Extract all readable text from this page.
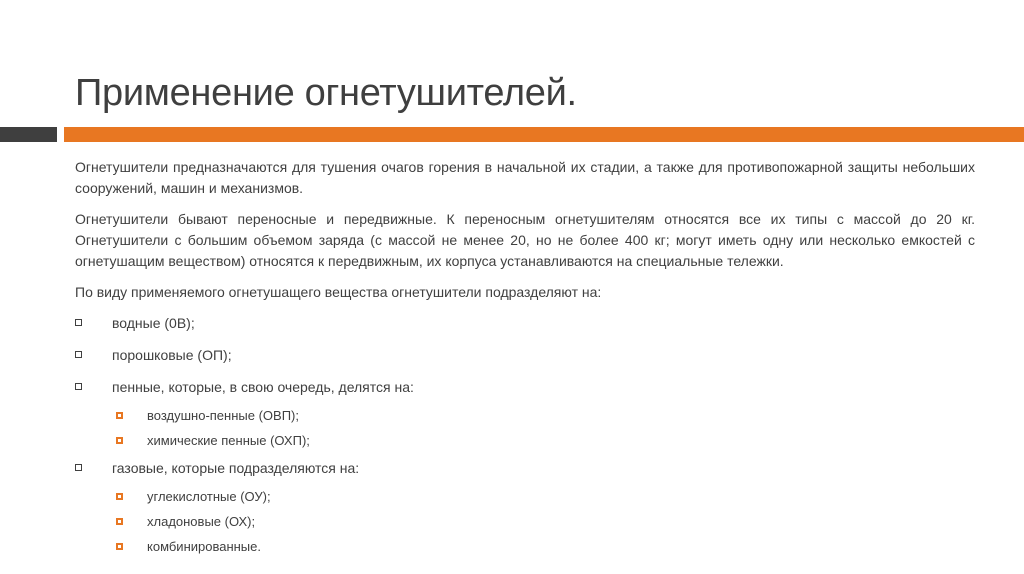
Применение огнетушителей.

Огнетушители предназначаются для тушения очагов горения в начальной их стадии, а также для противопожарной защиты небольших сооружений, машин и механизмов.

Огнетушители бывают переносные и передвижные. К переносным огнетушителям относятся все их типы с массой до 20 кг. Огнетушители с большим объемом заряда (с массой не менее 20, но не более 400 кг; могут иметь одну или несколько емкостей с огнетушащим веществом) относятся к передвижным, их корпуса устанавливаются на специальные тележки.

По виду применяемого огнетушащего вещества огнетушители подразделяют на:

водные (0В);
порошковые (ОП);
пенные, которые, в свою очередь, делятся на:
воздушно-пенные (ОВП);
химические пенные (ОХП);
газовые, которые подразделяются на:
углекислотные (ОУ);
хладоновые (ОХ);
комбинированные.
